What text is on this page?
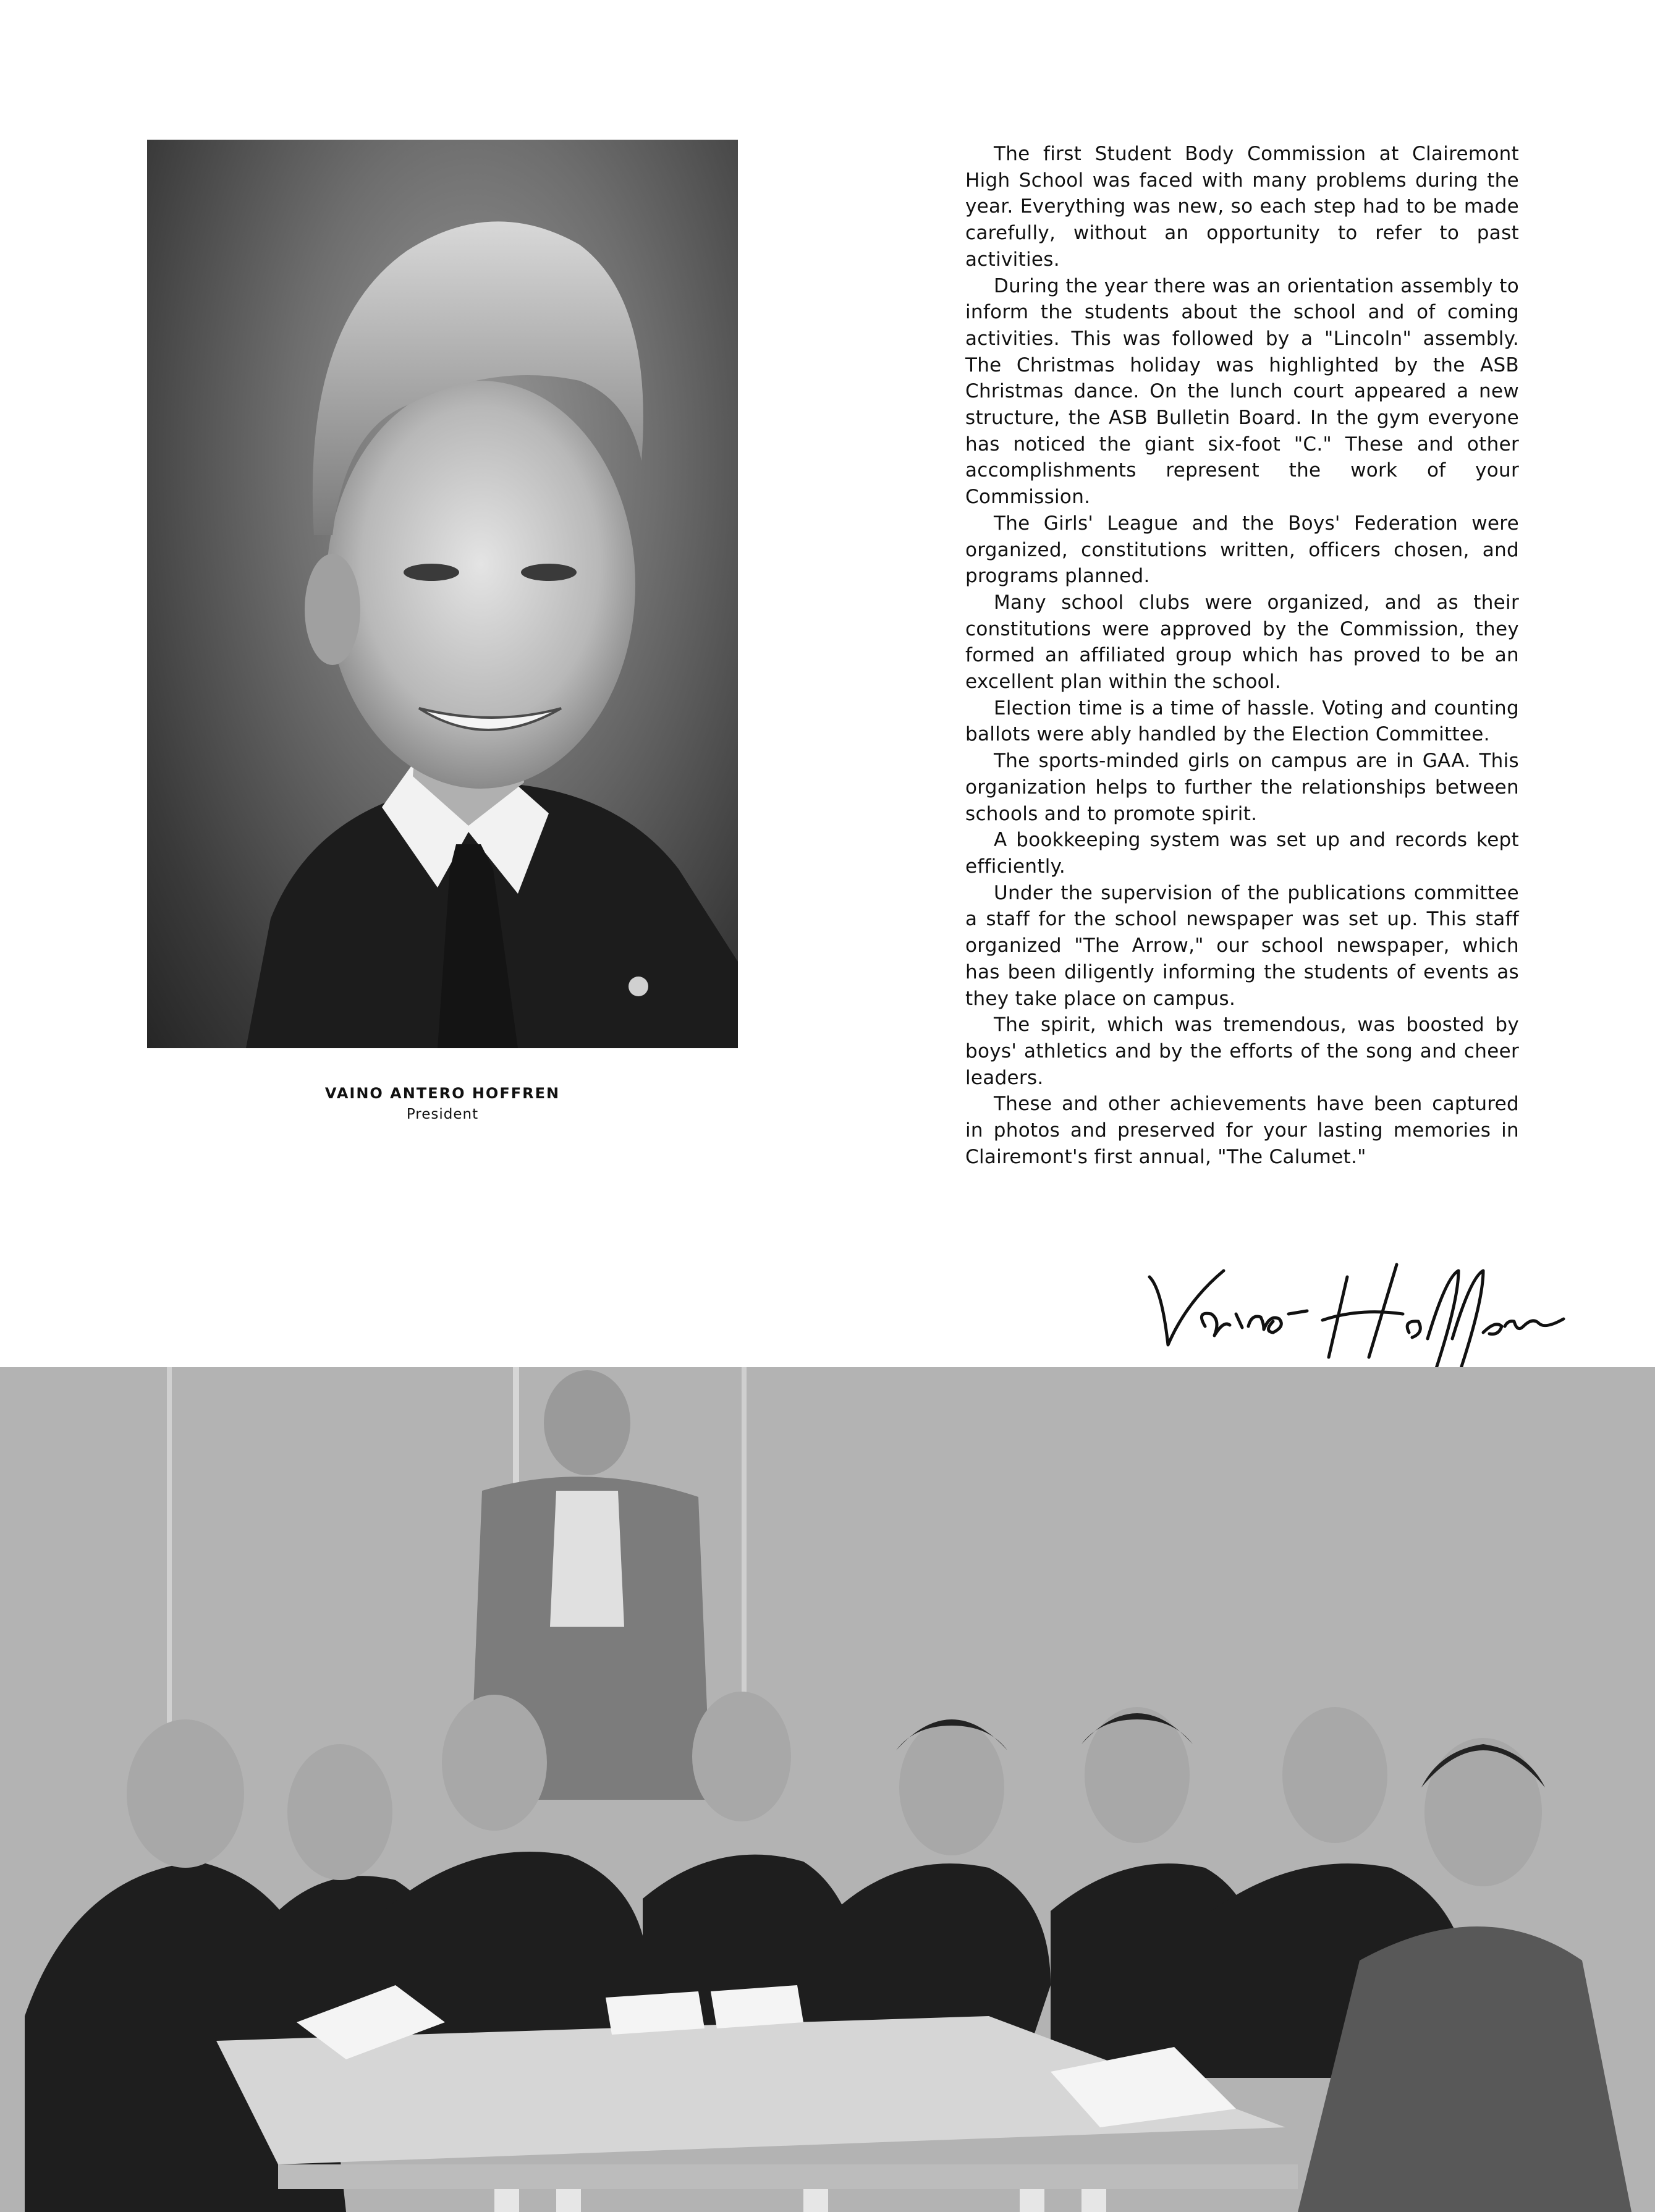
VAINO ANTERO HOFFREN
President

The first Student Body Commission at Clairemont High School was faced with many problems during the year. Everything was new, so each step had to be made carefully, without an opportunity to refer to past activities.

During the year there was an orientation assembly to inform the students about the school and of coming activities. This was followed by a "Lincoln" assembly. The Christmas holiday was highlighted by the ASB Christmas dance. On the lunch court appeared a new structure, the ASB Bulletin Board. In the gym everyone has noticed the giant six-foot "C." These and other accomplishments represent the work of your Commission.

The Girls' League and the Boys' Federation were organized, constitutions written, officers chosen, and programs planned.

Many school clubs were organized, and as their constitutions were approved by the Commission, they formed an affiliated group which has proved to be an excellent plan within the school.

Election time is a time of hassle. Voting and counting ballots were ably handled by the Election Committee.

The sports-minded girls on campus are in GAA. This organization helps to further the relationships between schools and to promote spirit.

A bookkeeping system was set up and records kept efficiently.

Under the supervision of the publications committee a staff for the school newspaper was set up. This staff organized "The Arrow," our school newspaper, which has been diligently informing the students of events as they take place on campus.

The spirit, which was tremendous, was boosted by boys' athletics and by the efforts of the song and cheer leaders.

These and other achievements have been captured in photos and preserved for your lasting memories in Clairemont's first annual, "The Calumet."
